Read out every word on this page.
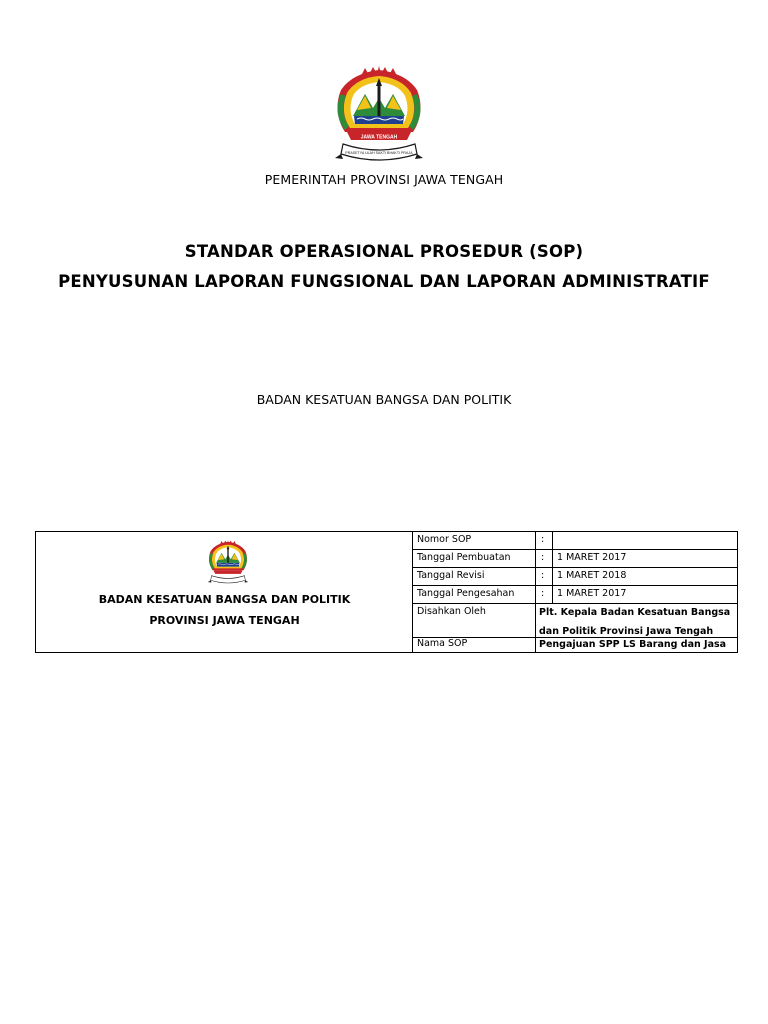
JAWA TENGAH
PRASETYA ULAH SAKTI BHAKTI PRAJA
PEMERINTAH PROVINSI JAWA TENGAH
STANDAR OPERASIONAL PROSEDUR (SOP)
PENYUSUNAN LAPORAN FUNGSIONAL DAN LAPORAN ADMINISTRATIF
BADAN KESATUAN BANGSA DAN POLITIK
BADAN KESATUAN BANGSA DAN POLITIK
PROVINSI JAWA TENGAH
Nomor SOP	:
Tanggal Pembuatan	: 1 MARET 2017
Tanggal Revisi	: 1 MARET 2018
Tanggal Pengesahan	: 1 MARET 2017
Disahkan Oleh	Plt. Kepala Badan Kesatuan Bangsa
dan Politik Provinsi Jawa Tengah
Nama SOP	Pengajuan SPP LS Barang dan Jasa
